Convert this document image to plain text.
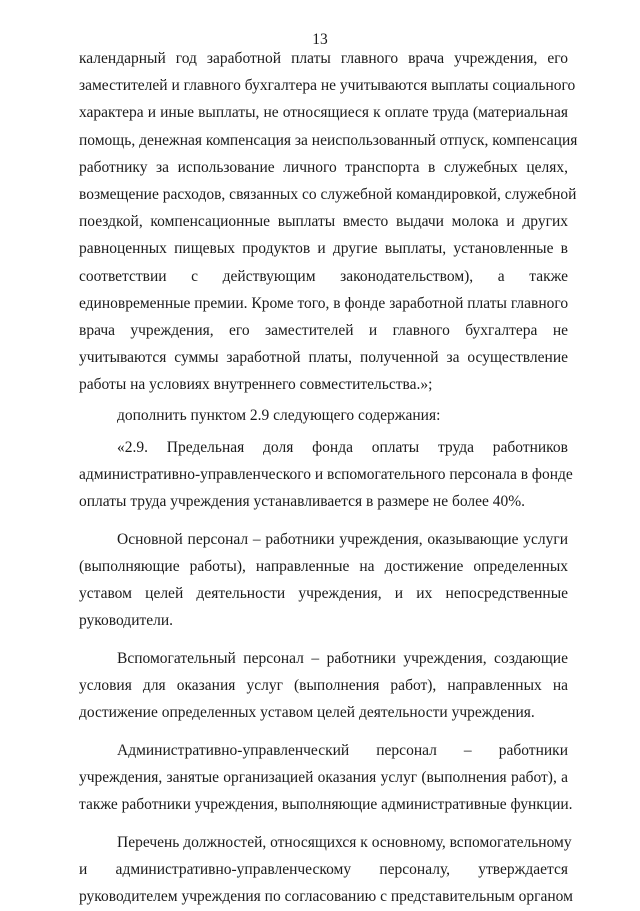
13
календарный год заработной платы главного врача учреждения, его
заместителей и главного бухгалтера не учитываются выплаты социального
характера и иные выплаты, не относящиеся к оплате труда (материальная
помощь, денежная компенсация за неиспользованный отпуск, компенсация
работнику за использование личного транспорта в служебных целях,
возмещение расходов, связанных со служебной командировкой, служебной
поездкой, компенсационные выплаты вместо выдачи молока и других
равноценных пищевых продуктов и другие выплаты, установленные в
соответствии с действующим законодательством), а также
единовременные премии. Кроме того, в фонде заработной платы главного
врача учреждения, его заместителей и главного бухгалтера не
учитываются суммы заработной платы, полученной за осуществление
работы на условиях внутреннего совместительства.»;
дополнить пунктом 2.9 следующего содержания:
«2.9. Предельная доля фонда оплаты труда работников
административно-управленческого и вспомогательного персонала в фонде
оплаты труда учреждения устанавливается в размере не более 40%.
Основной персонал – работники учреждения, оказывающие услуги
(выполняющие работы), направленные на достижение определенных
уставом целей деятельности учреждения, и их непосредственные
руководители.
Вспомогательный персонал – работники учреждения, создающие
условия для оказания услуг (выполнения работ), направленных на
достижение определенных уставом целей деятельности учреждения.
Административно-управленческий персонал – работники
учреждения, занятые организацией оказания услуг (выполнения работ), а
также работники учреждения, выполняющие административные функции.
Перечень должностей, относящихся к основному, вспомогательному
и административно-управленческому персоналу, утверждается
руководителем учреждения по согласованию с представительным органом
